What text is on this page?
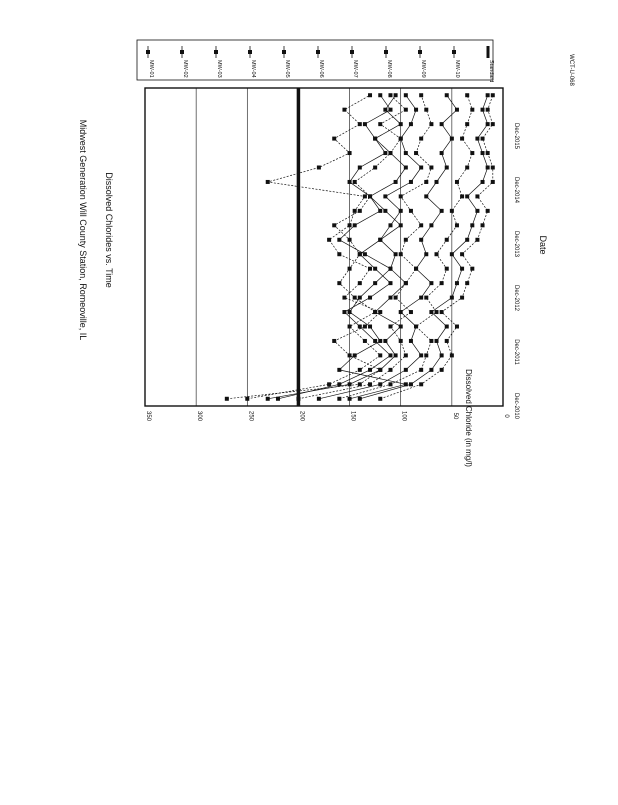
Midwest Generation Will County Station, Romeoville, IL Dissolved Chlorides vs. Time
0
50
100
150
200
250
300
350	Dec-2010
Dec-2011
Dec-2012
Dec-2013
Dec-2014
Dec-2015
Dissolved Chloride (in mg/l)
Date
MW-01	MW-02	MW-03	MW-04	MW-05	MW-06	MW-07	MW-08	MW-09	MW-10	Standard	WCT-U-068
